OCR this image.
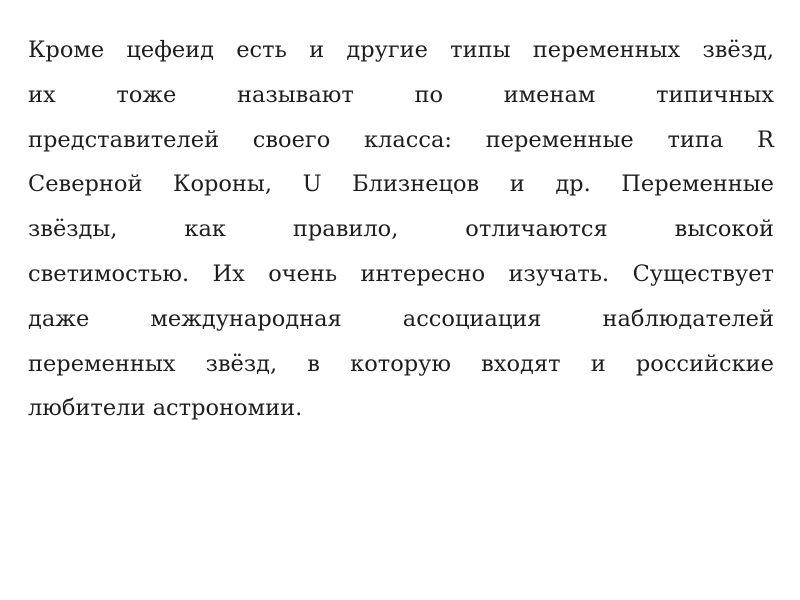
Кроме цефеид есть и другие типы переменных звёзд,
их тоже называют по именам типичных
представителей своего класса: переменные типа R
Северной Короны, U Близнецов и др. Переменные
звёзды, как правило, отличаются высокой
светимостью. Их очень интересно изучать. Существует
даже международная ассоциация наблюдателей
переменных звёзд, в которую входят и российские
любители астрономии.
